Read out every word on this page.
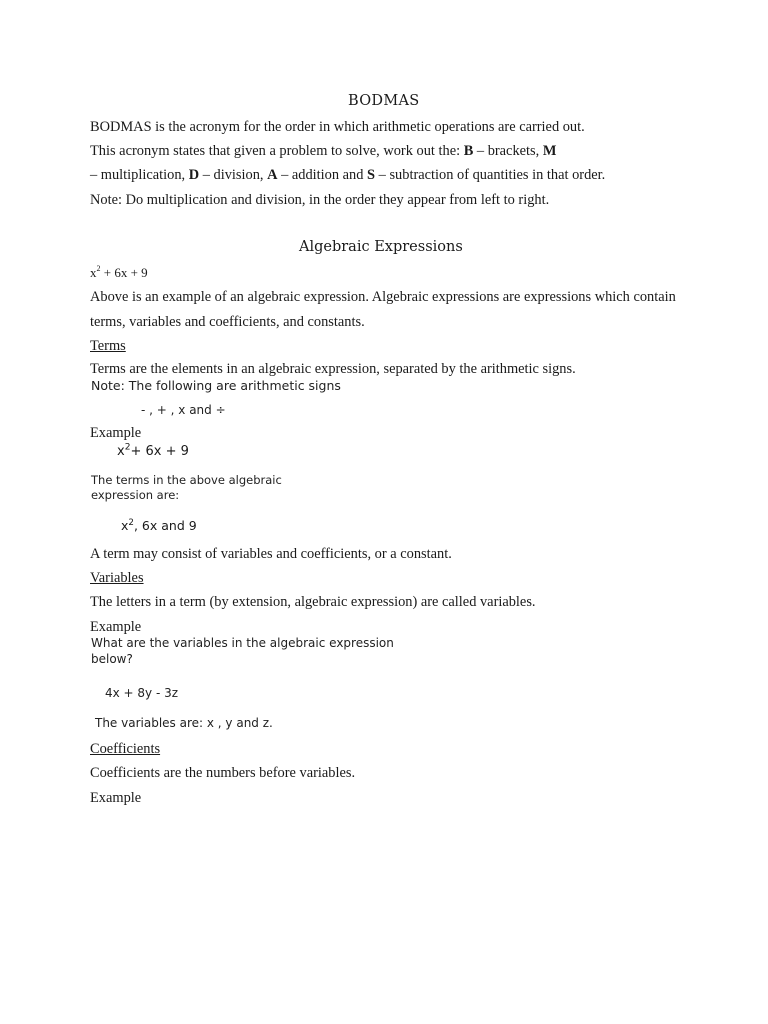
BODMAS
BODMAS is the acronym for the order in which arithmetic operations are carried out.
This acronym states that given a problem to solve, work out the: B – brackets, M
– multiplication, D – division, A – addition and S – subtraction of quantities in that order.
Note: Do multiplication and division, in the order they appear from left to right.
Algebraic Expressions
$x^2 + 6x + 9$
Above is an example of an algebraic expression. Algebraic expressions are expressions which contain
terms, variables and coefficients, and constants.
Terms
Terms are the elements in an algebraic expression, separated by the arithmetic signs.
Note: The following are arithmetic signs
- , + , x and ÷
Example
$x^2+ 6x + 9$
The terms in the above algebraic
expression are:
$x^2$, 6x and 9
A term may consist of variables and coefficients, or a constant.
Variables
The letters in a term (by extension, algebraic expression) are called variables.
Example
What are the variables in the algebraic expression
below?
4x + 8y - 3z
The variables are: x , y and z.
Coefficients
Coefficients are the numbers before variables.
Example
